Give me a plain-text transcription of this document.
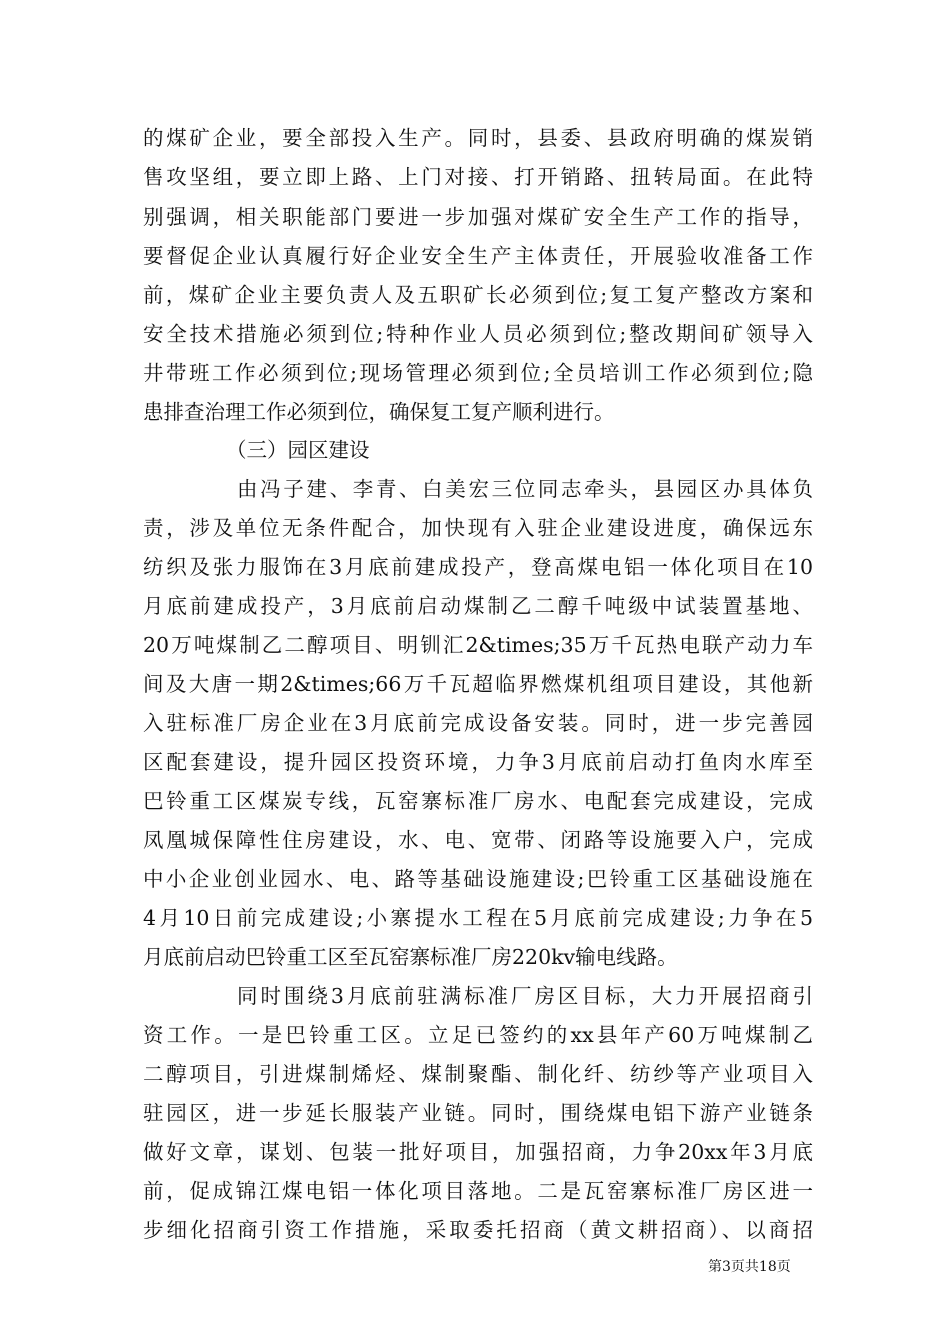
的煤矿企业，要全部投入生产。同时，县委、县政府明确的煤炭销
售攻坚组，要立即上路、上门对接、打开销路、扭转局面。在此特
别强调，相关职能部门要进一步加强对煤矿安全生产工作的指导，
要督促企业认真履行好企业安全生产主体责任，开展验收准备工作
前，煤矿企业主要负责人及五职矿长必须到位;复工复产整改方案和
安全技术措施必须到位;特种作业人员必须到位;整改期间矿领导入
井带班工作必须到位;现场管理必须到位;全员培训工作必须到位;隐
患排查治理工作必须到位，确保复工复产顺利进行。
（三）园区建设
由冯子建、李青、白美宏三位同志牵头，县园区办具体负
责，涉及单位无条件配合，加快现有入驻企业建设进度，确保远东
纺织及张力服饰在3月底前建成投产，登高煤电铝一体化项目在10
月底前建成投产，3月底前启动煤制乙二醇千吨级中试装置基地、
20万吨煤制乙二醇项目、明钏汇2&times;35万千瓦热电联产动力车
间及大唐一期2&times;66万千瓦超临界燃煤机组项目建设，其他新
入驻标准厂房企业在3月底前完成设备安装。同时，进一步完善园
区配套建设，提升园区投资环境，力争3月底前启动打鱼肉水库至
巴铃重工区煤炭专线，瓦窑寨标准厂房水、电配套完成建设，完成
凤凰城保障性住房建设，水、电、宽带、闭路等设施要入户，完成
中小企业创业园水、电、路等基础设施建设;巴铃重工区基础设施在
4月10日前完成建设;小寨提水工程在5月底前完成建设;力争在5
月底前启动巴铃重工区至瓦窑寨标准厂房220kv输电线路。
同时围绕3月底前驻满标准厂房区目标，大力开展招商引
资工作。一是巴铃重工区。立足已签约的xx县年产60万吨煤制乙
二醇项目，引进煤制烯烃、煤制聚酯、制化纤、纺纱等产业项目入
驻园区，进一步延长服装产业链。同时，围绕煤电铝下游产业链条
做好文章，谋划、包装一批好项目，加强招商，力争20xx年3月底
前，促成锦江煤电铝一体化项目落地。二是瓦窑寨标准厂房区进一
步细化招商引资工作措施，采取委托招商（黄文耕招商）、以商招
第3页共18页
